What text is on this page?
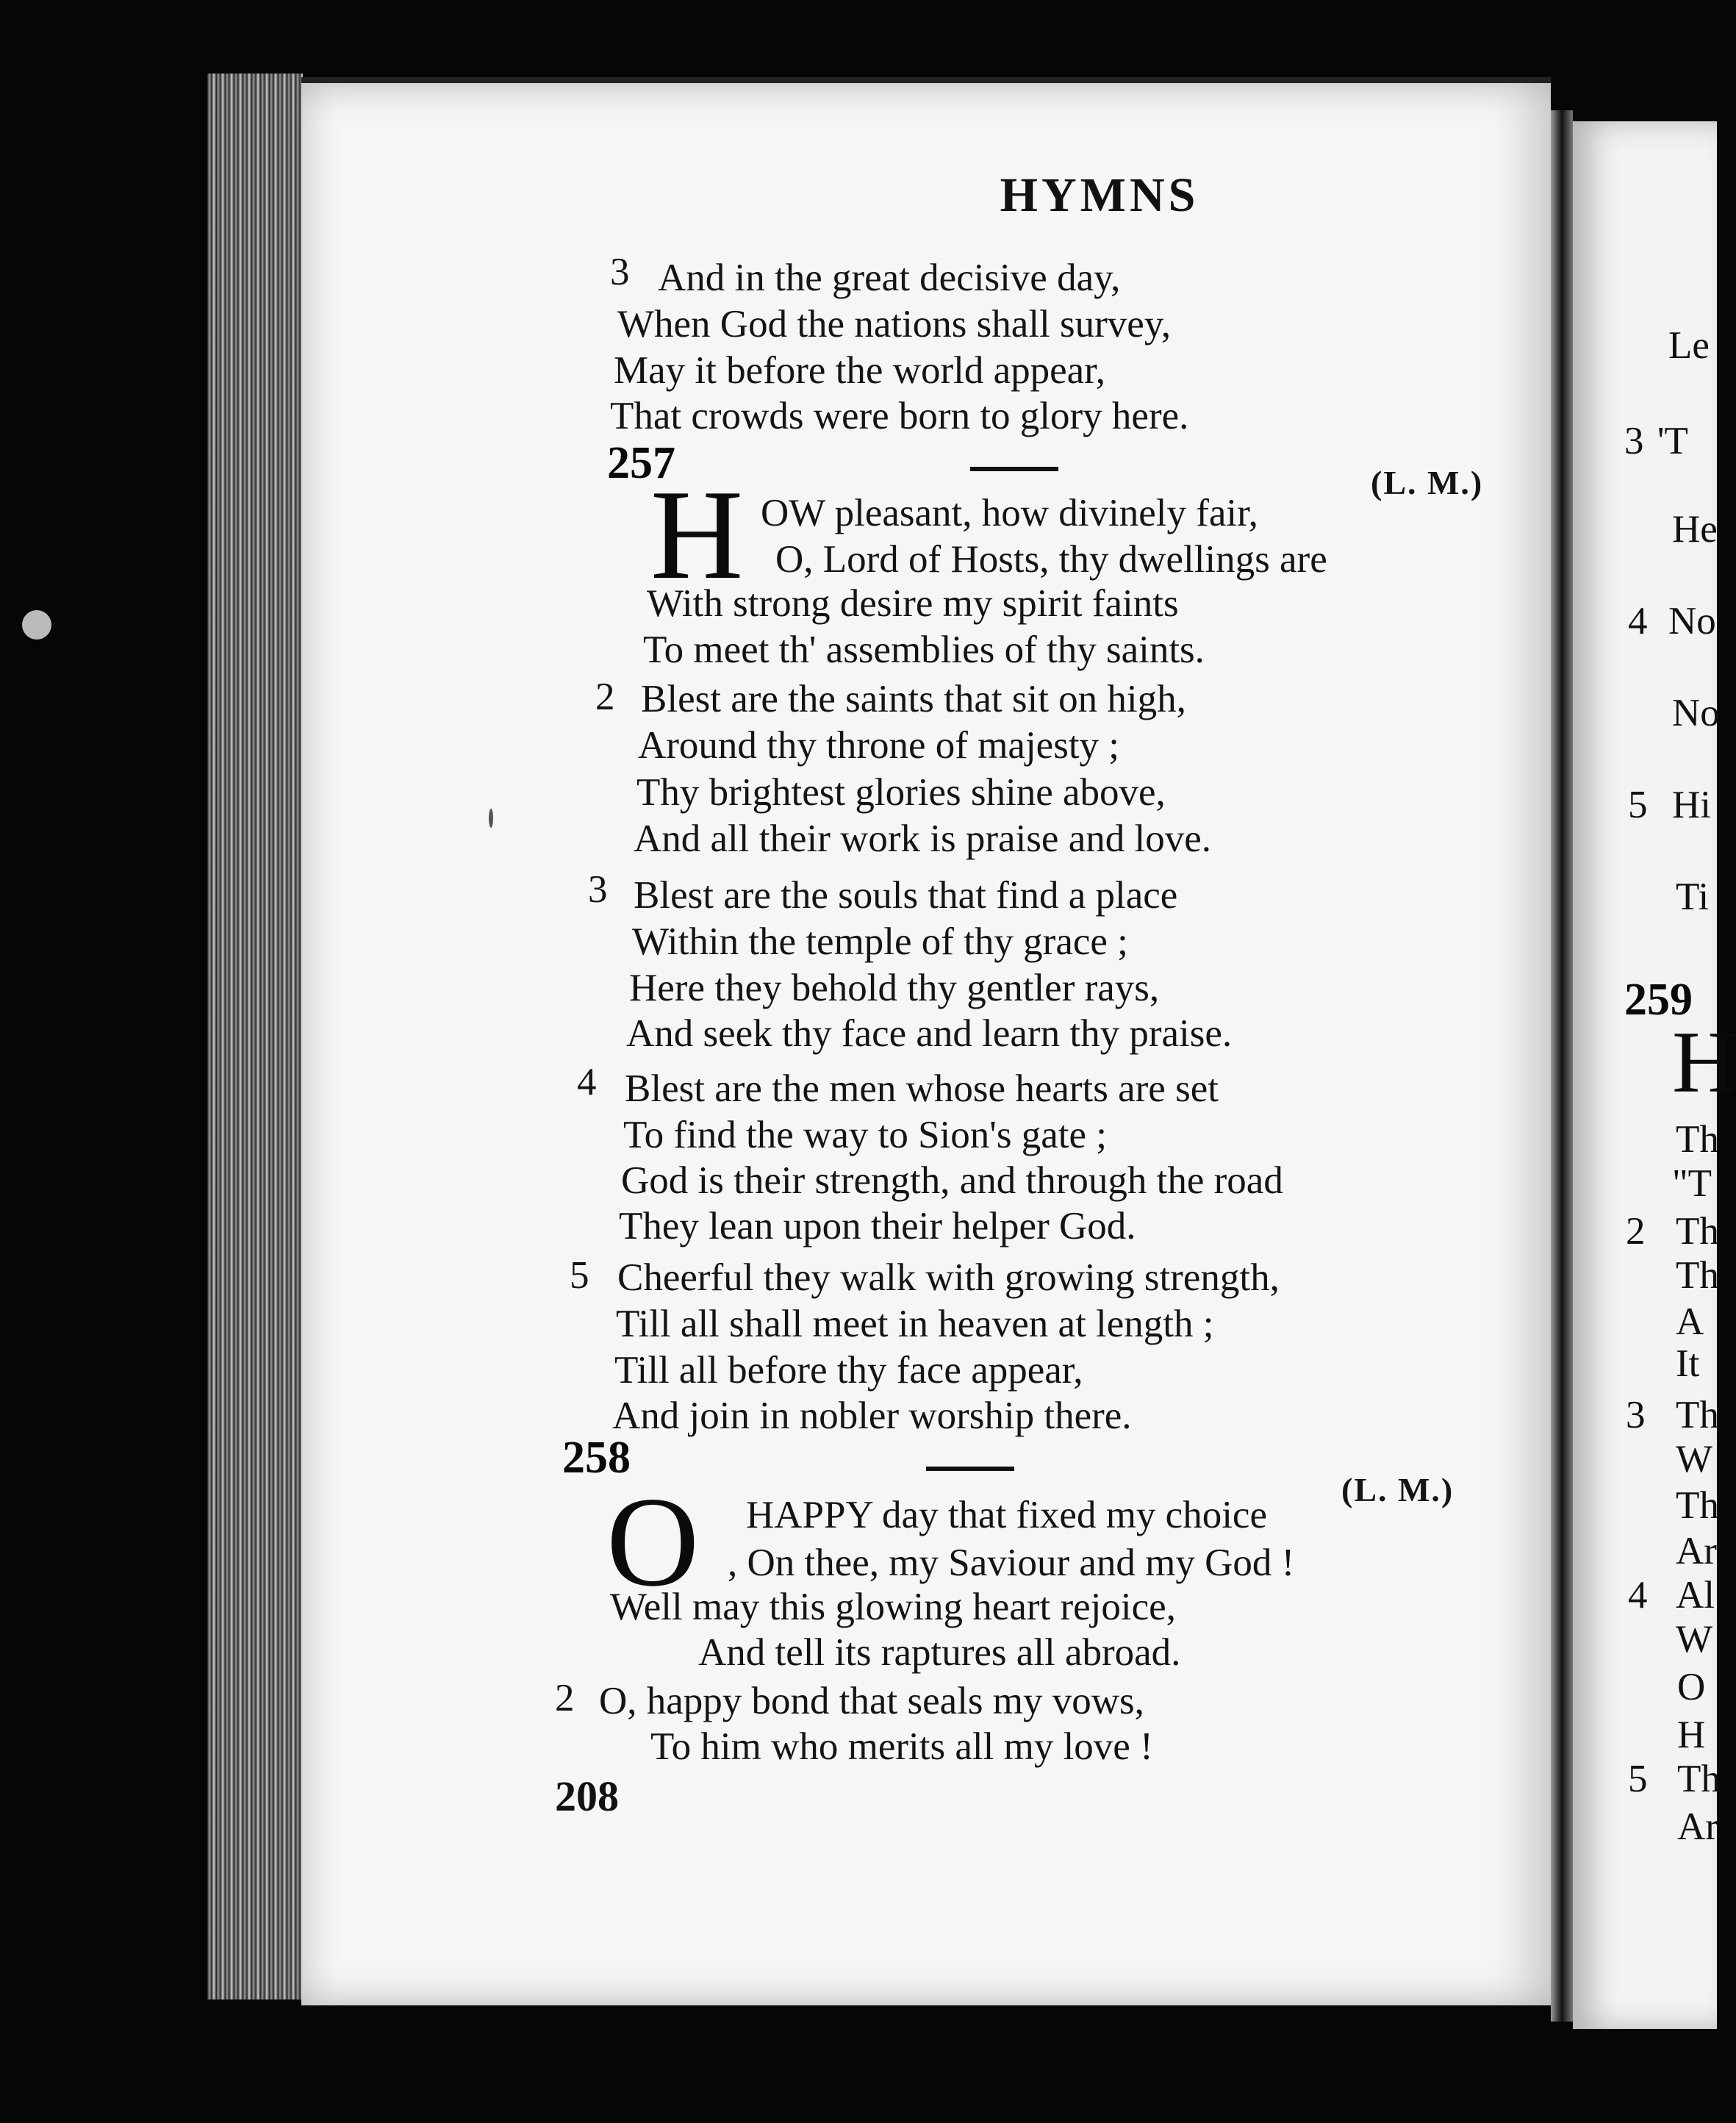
HYMNS
3 And in the great decisive day,
When God the nations shall survey,
May it before the world appear,
That crowds were born to glory here.
257	(L. M.)
H OW pleasant, how divinely fair,
O, Lord of Hosts, thy dwellings are
With strong desire my spirit faints
To meet th' assemblies of thy saints.
2 Blest are the saints that sit on high,
Around thy throne of majesty ;
Thy brightest glories shine above,
And all their work is praise and love.
3 Blest are the souls that find a place
Within the temple of thy grace ;
Here they behold thy gentler rays,
And seek thy face and learn thy praise.
4 Blest are the men whose hearts are set
To find the way to Sion's gate ;
God is their strength, and through the road
They lean upon their helper God.
5 Cheerful they walk with growing strength,
Till all shall meet in heaven at length ;
Till all before thy face appear,
And join in nobler worship there.
258
(L. M.)
O HAPPY day that fixed my choice
, On thee, my Saviour and my God !
Well may this glowing heart rejoice,
And tell its raptures all abroad.
2 O, happy bond that seals my vows,
To him who merits all my love !
208
Le
3 'T
He
4 No
No
5 Hi
Ti
259
H
Th
"T
2 Th
Th
A
It
3 Th
W
Th
Ar
4 Al
W
O
H
5 Th
Ar
